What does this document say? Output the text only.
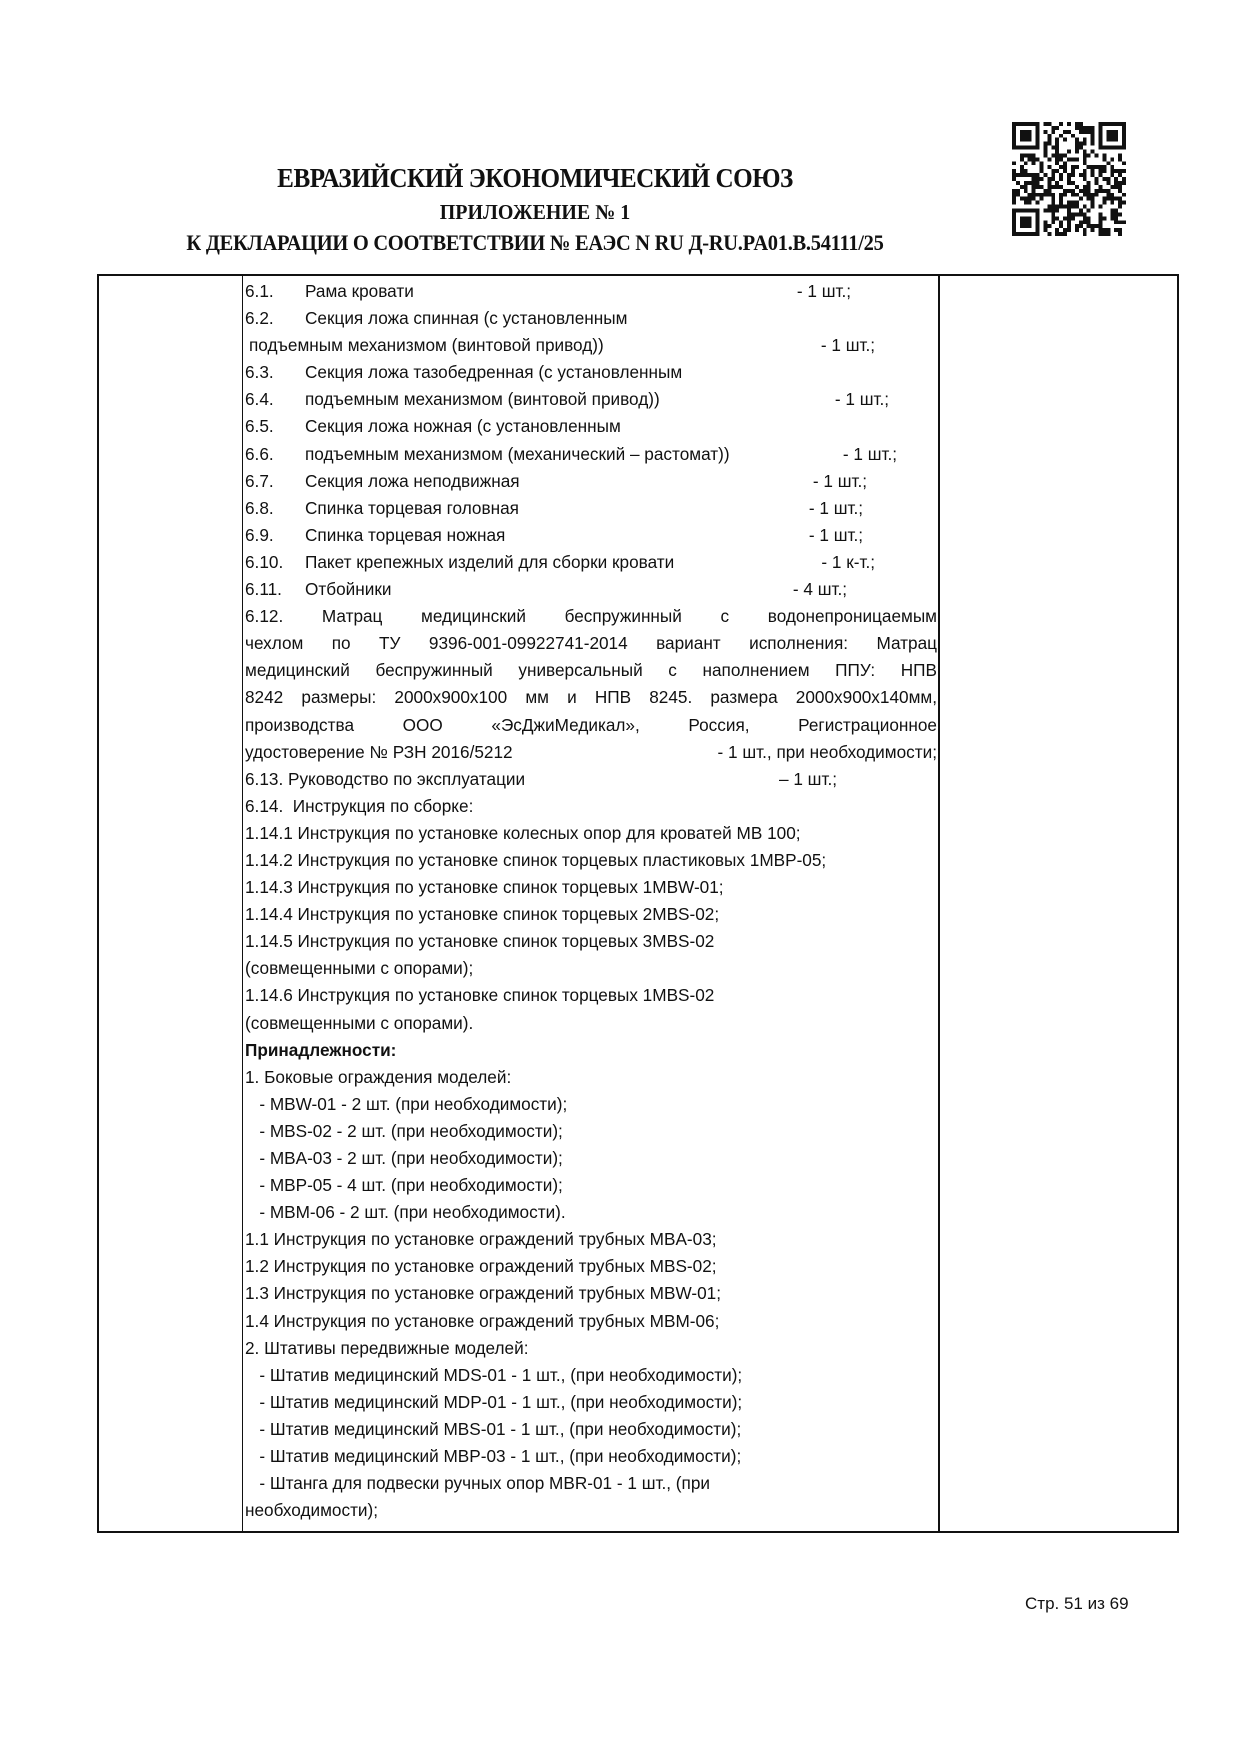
ЕВРАЗИЙСКИЙ ЭКОНОМИЧЕСКИЙ СОЮЗ
ПРИЛОЖЕНИЕ № 1
К ДЕКЛАРАЦИИ О СООТВЕТСТВИИ № ЕАЭС N RU Д-RU.PA01.B.54111/25
6.1.	Рама кровати	- 1 шт.;
6.2.	Секция ложа спинная (с установленным
подъемным механизмом (винтовой привод))	- 1 шт.;
6.3.	Секция ложа тазобедренная (с установленным
6.4.	подъемным механизмом (винтовой привод))	- 1 шт.;
6.5.	Секция ложа ножная (с установленным
6.6.	подъемным механизмом (механический – растомат))	- 1 шт.;
6.7.	Секция ложа неподвижная	- 1 шт.;
6.8.	Спинка торцевая головная	- 1 шт.;
6.9.	Спинка торцевая ножная	- 1 шт.;
6.10.	Пакет крепежных изделий для сборки кровати	- 1 к-т.;
6.11.	Отбойники	- 4 шт.;
6.12. Матрац медицинский беспружинный с водонепроницаемым
чехлом по ТУ 9396-001-09922741-2014 вариант исполнения: Матрац
медицинский беспружинный универсальный с наполнением ППУ: НПВ
8242 размеры: 2000х900х100 мм и НПВ 8245. размера 2000х900х140мм,
производства ООО «ЭсДжиМедикал», Россия, Регистрационное
удостоверение № РЗН 2016/5212	- 1 шт., при необходимости;
6.13. Руководство по эксплуатации	– 1 шт.;
6.14.  Инструкция по сборке:
1.14.1 Инструкция по установке колесных опор для кроватей МВ 100;
1.14.2 Инструкция по установке спинок торцевых пластиковых 1MBP-05;
1.14.3 Инструкция по установке спинок торцевых 1MBW-01;
1.14.4 Инструкция по установке спинок торцевых 2MBS-02;
1.14.5 Инструкция по установке спинок торцевых 3MBS-02
(совмещенными с опорами);
1.14.6 Инструкция по установке спинок торцевых 1MBS-02
(совмещенными с опорами).
Принадлежности:
1. Боковые ограждения моделей:
- MBW-01 - 2 шт. (при необходимости);
- MBS-02 - 2 шт. (при необходимости);
- MBA-03 - 2 шт. (при необходимости);
- MBP-05 - 4 шт. (при необходимости);
- MBM-06 - 2 шт. (при необходимости).
1.1 Инструкция по установке ограждений трубных MBA-03;
1.2 Инструкция по установке ограждений трубных MBS-02;
1.3 Инструкция по установке ограждений трубных MBW-01;
1.4 Инструкция по установке ограждений трубных MBM-06;
2. Штативы передвижные моделей:
- Штатив медицинский MDS-01 - 1 шт., (при необходимости);
- Штатив медицинский MDP-01 - 1 шт., (при необходимости);
- Штатив медицинский MBS-01 - 1 шт., (при необходимости);
- Штатив медицинский MBP-03 - 1 шт., (при необходимости);
- Штанга для подвески ручных опор MBR-01 - 1 шт., (при
необходимости);
Стр. 51 из 69
